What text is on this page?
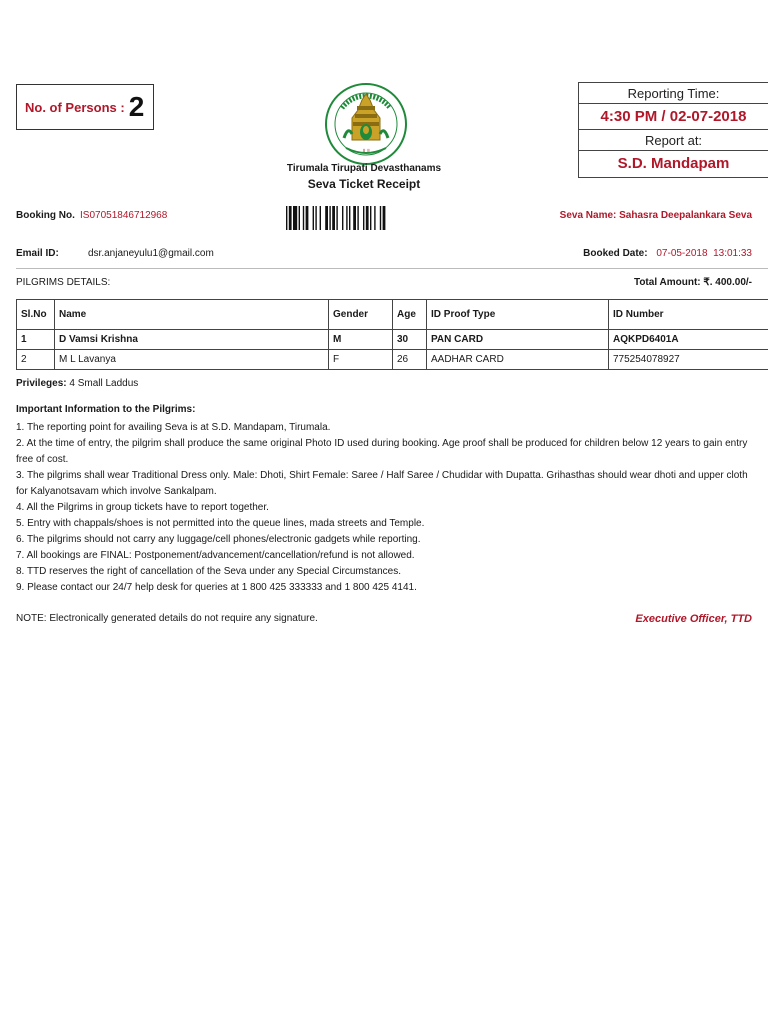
No. of Persons : 2
॥ ॥
Tirumala Tirupati Devasthanams
Seva Ticket Receipt
Reporting Time:
4:30 PM / 02-07-2018
Report at:
S.D. Mandapam
Booking No. IS07051846712968	Seva Name: Sahasra Deepalankara Seva
Email ID:	dsr.anjaneyulu1@gmail.com	Booked Date: 07-05-2018  13:01:33
PILGRIMS DETAILS:	Total Amount: ₹. 400.00/-
Sl.No	Name	Gender	Age	ID Proof Type	ID Number
1	D Vamsi Krishna	M	30	PAN CARD	AQKPD6401A
2	M L Lavanya	F	26	AADHAR CARD	775254078927
Privileges: 4 Small Laddus
Important Information to the Pilgrims:
1. The reporting point for availing Seva is at S.D. Mandapam, Tirumala.
2. At the time of entry, the pilgrim shall produce the same original Photo ID used during booking. Age proof shall be produced for children below 12 years to gain entry free of cost.
3. The pilgrims shall wear Traditional Dress only. Male: Dhoti, Shirt Female: Saree / Half Saree / Chudidar with Dupatta. Grihasthas should wear dhoti and upper cloth for Kalyanotsavam which involve Sankalpam.
4. All the Pilgrims in group tickets have to report together.
5. Entry with chappals/shoes is not permitted into the queue lines, mada streets and Temple.
6. The pilgrims should not carry any luggage/cell phones/electronic gadgets while reporting.
7. All bookings are FINAL: Postponement/advancement/cancellation/refund is not allowed.
8. TTD reserves the right of cancellation of the Seva under any Special Circumstances.
9. Please contact our 24/7 help desk for queries at 1 800 425 333333 and 1 800 425 4141.
NOTE: Electronically generated details do not require any signature.	Executive Officer, TTD
